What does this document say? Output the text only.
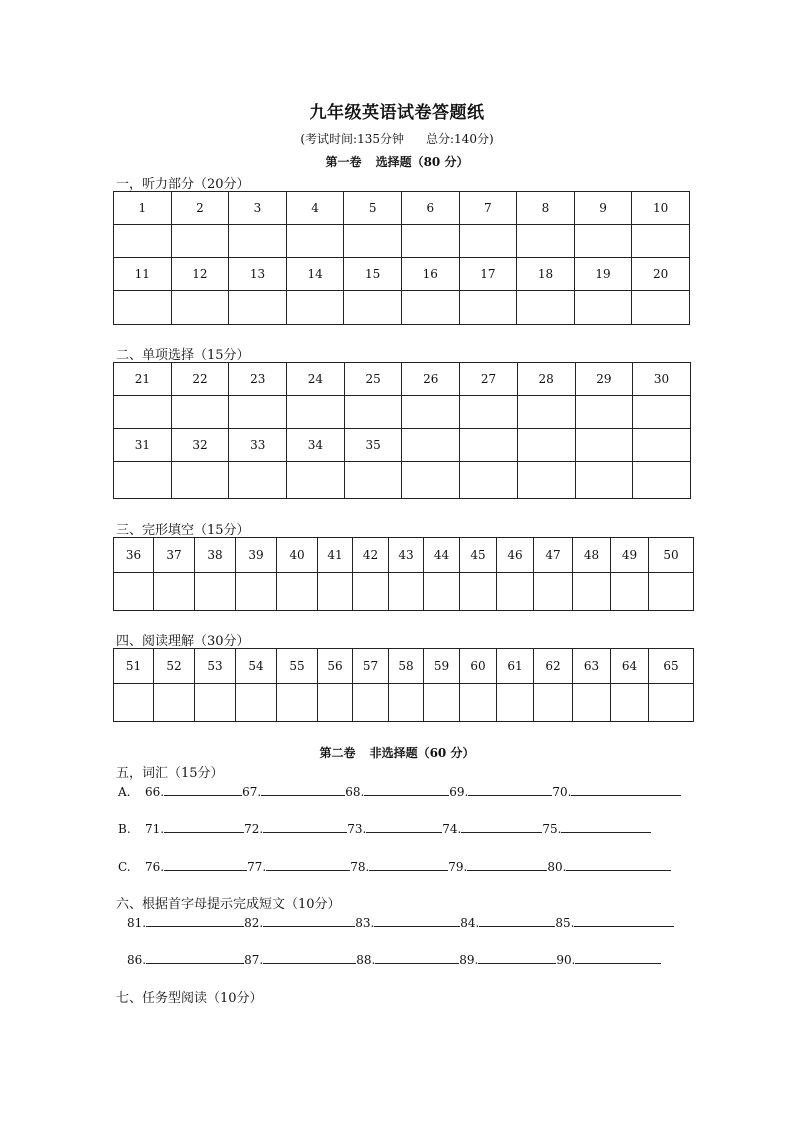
九年级英语试卷答题纸
(考试时间:135分钟 总分:140分)
第一卷 选择题（80 分）
一，听力部分（20分）
1	2	3	4	5	6	7	8	9	10

11	12	13	14	15	16	17	18	19	20

二、单项选择（15分）
21	22	23	24	25	26	27	28	29	30

31	32	33	34	35					

三、完形填空（15分）
36	37	38	39	40	41	42	43	44	45	46	47	48	49	50

四、阅读理解（30分）
51	52	53	54	55	56	57	58	59	60	61	62	63	64	65

第二卷 非选择题（60 分）
五，词汇（15分）
A. 66.	67.	68.	69.	70.
B. 71.	72.	73.	74.	75.
C. 76.	77.	78.	79.	80.
六、根据首字母提示完成短文（10分）
81.	82.	83.	84.	85.
86.	87.	88.	89.	90.
七、任务型阅读（10分）
